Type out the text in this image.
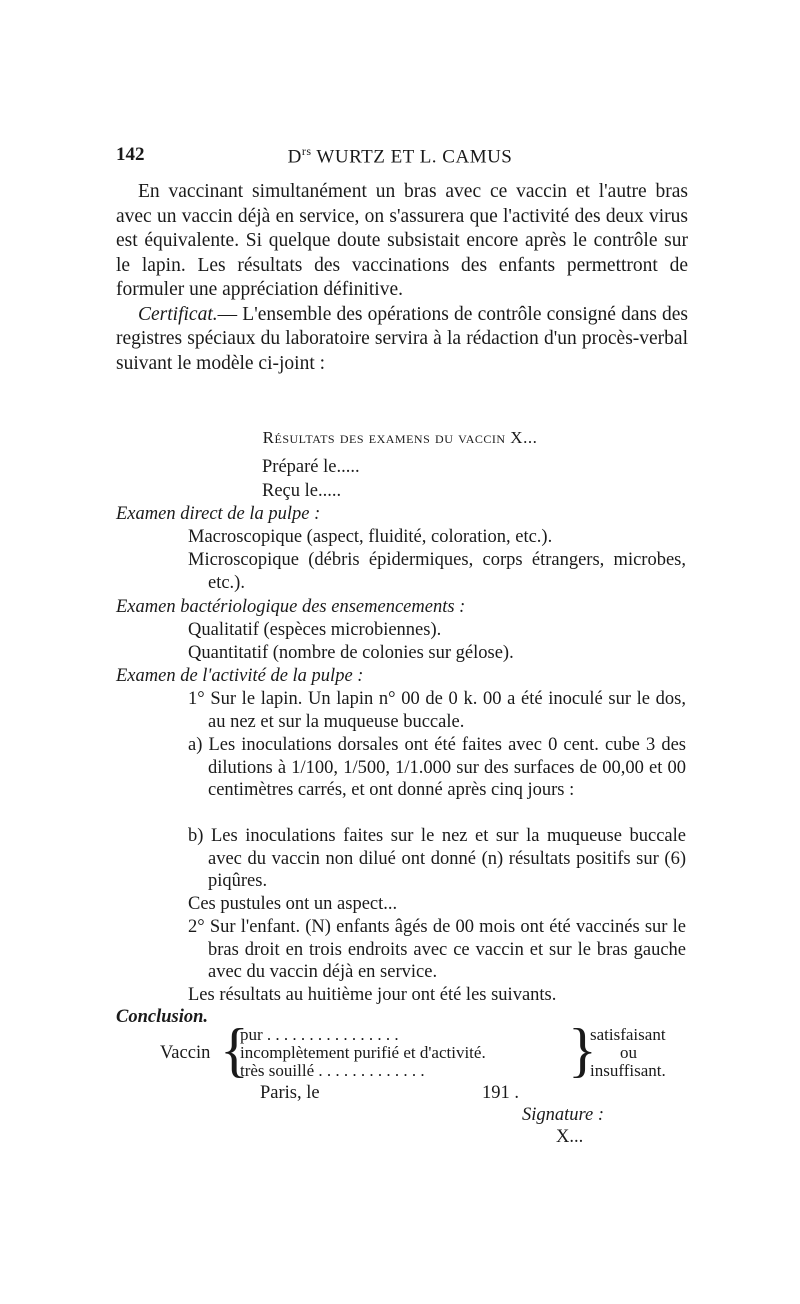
142	$D^{rs}$ WURTZ ET L. CAMUS

En vaccinant simultanément un bras avec ce vaccin et l'autre bras avec un vaccin déjà en service, on s'assurera que l'activité des deux virus est équivalente. Si quelque doute subsistait encore après le contrôle sur le lapin. Les résultats des vaccinations des enfants permettront de formuler une appréciation définitive.

Certificat.— L'ensemble des opérations de contrôle consigné dans des registres spéciaux du laboratoire servira à la rédaction d'un procès-verbal suivant le modèle ci-joint :

Résultats des examens du vaccin X...
Préparé le.....
Reçu le.....
Examen direct de la pulpe :
Macroscopique (aspect, fluidité, coloration, etc.).

Microscopique (débris épidermiques, corps étrangers, microbes, etc.).

Examen bactériologique des ensemencements :
Qualitatif (espèces microbiennes).
Quantitatif (nombre de colonies sur gélose).
Examen de l'activité de la pulpe :

1° Sur le lapin. Un lapin n° 00 de 0 k. 00 a été inoculé sur le dos, au nez et sur la muqueuse buccale.

a) Les inoculations dorsales ont été faites avec 0 cent. cube 3 des dilutions à 1/100, 1/500, 1/1.000 sur des surfaces de 00,00 et 00 centimètres carrés, et ont donné après cinq jours :

b) Les inoculations faites sur le nez et sur la muqueuse buccale avec du vaccin non dilué ont donné (n) résultats positifs sur (6) piqûres.

Ces pustules ont un aspect...

2° Sur l'enfant. (N) enfants âgés de 00 mois ont été vaccinés sur le bras droit en trois endroits avec ce vaccin et sur le bras gauche avec du vaccin déjà en service.

Les résultats au huitième jour ont été les suivants.
Conclusion.
Vaccin {
pur . . . . . . . . . . . . . . . .
incomplètement purifié et d'activité.
très souillé . . . . . . . . . . . . . }
satisfaisant
ou
insuffisant.
Paris, le	191 .
Signature :
X...
